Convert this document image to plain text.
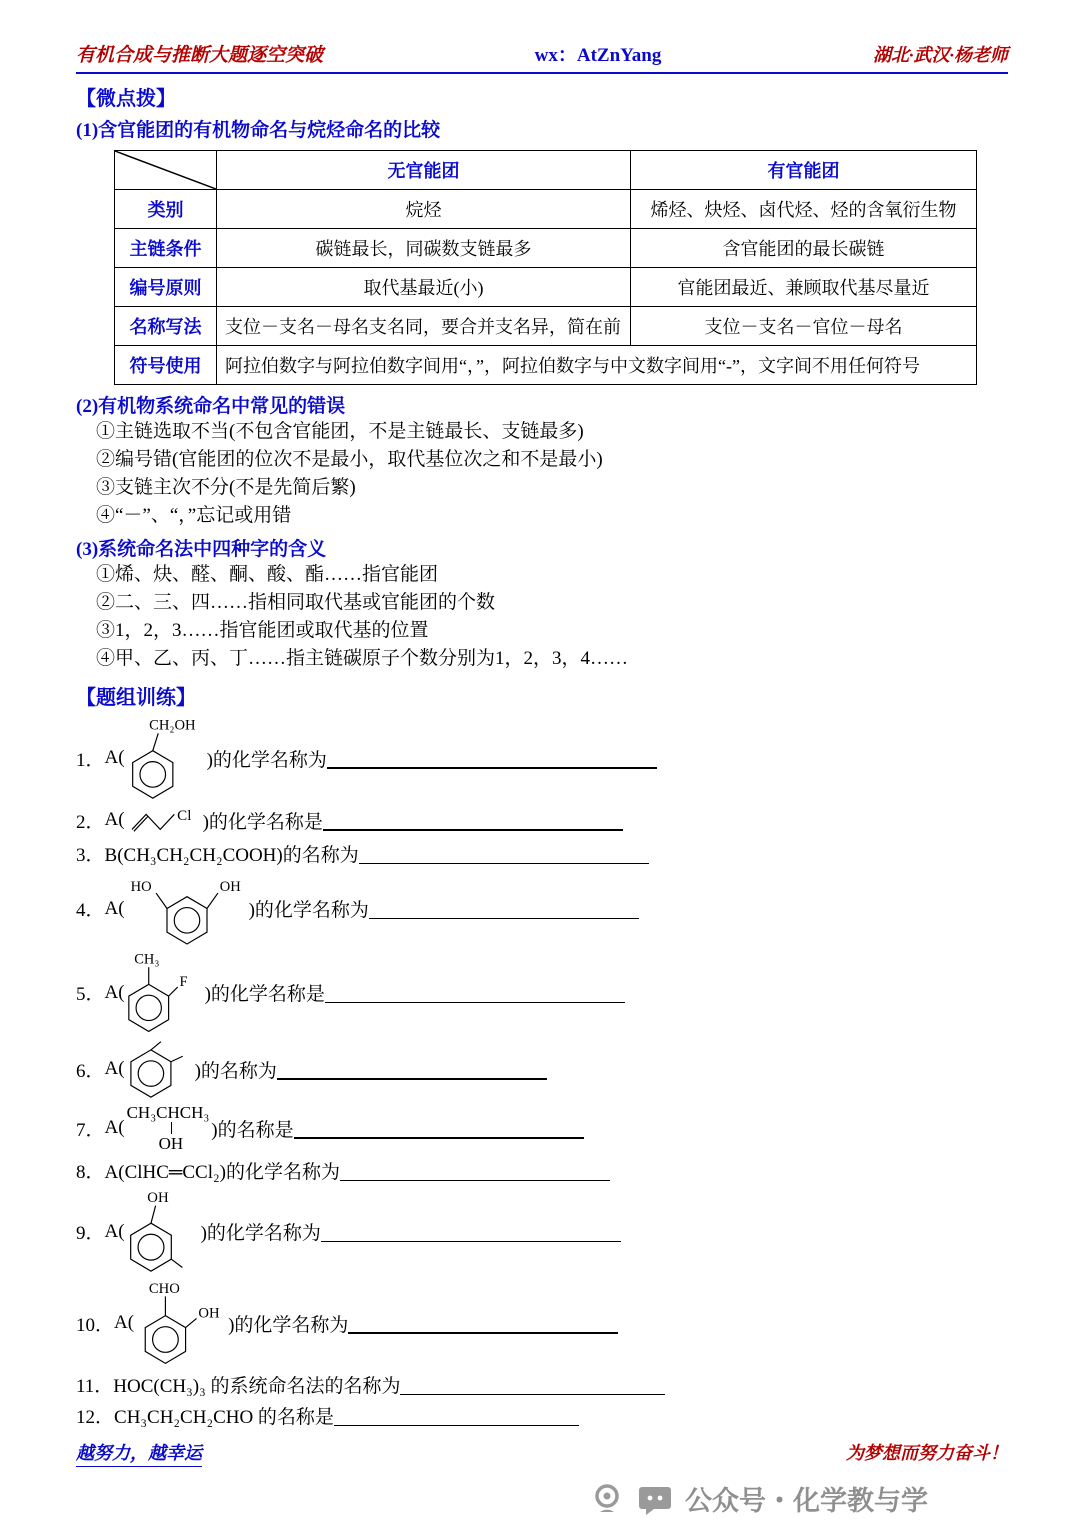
有机合成与推断大题逐空突破	wx：AtZnYang	湖北·武汉·杨老师
【微点拨】
(1)含官能团的有机物命名与烷烃命名的比较
	无官能团	有官能团
类别	烷烃	烯烃、炔烃、卤代烃、烃的含氧衍生物
主链条件	碳链最长，同碳数支链最多	含官能团的最长碳链
编号原则	取代基最近(小)	官能团最近、兼顾取代基尽量近
名称写法	支位－支名－母名支名同，要合并支名异，简在前	支位－支名－官位－母名
符号使用	阿拉伯数字与阿拉伯数字间用“，”，阿拉伯数字与中文数字间用“-”，文字间不用任何符号	
(2)有机物系统命名中常见的错误
①主链选取不当(不包含官能团，不是主链最长、支链最多)
②编号错(官能团的位次不是最小，取代基位次之和不是最小)
③支链主次不分(不是先简后繁)
④“－”、“，”忘记或用错
(3)系统命名法中四种字的含义
①烯、炔、醛、酮、酸、酯……指官能团
②二、三、四……指相同取代基或官能团的个数
③1，2，3……指官能团或取代基的位置
④甲、乙、丙、丁……指主链碳原子个数分别为1，2，3，4……
【题组训练】
1． A(
CH₂OH
)的化学名称为
2． A(	Cl )的化学名称是
3． B(CH₃CH₂CH₂COOH)的名称为
4． A(
HO	OH
)的化学名称为
5． A(
CH₃
F
)的化学名称是
6． A(	)的名称为
7． A(
CH₃CHCH₃
OH
)的名称是
8． A(ClHC═CCl₂)的化学名称为
9． A(
OH
)的化学名称为
10． A(
CHO
OH
)的化学名称为
11． HOC(CH₃)₃ 的系统命名法的名称为
12． CH₃CH₂CH₂CHO 的名称是
越努力，越幸运	为梦想而努力奋斗！
公众号・化学教与学
